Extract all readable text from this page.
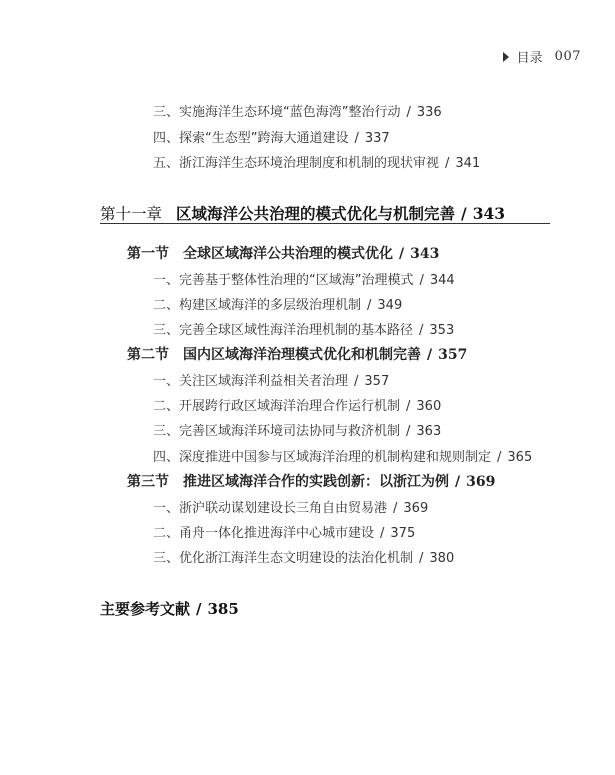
目录 007
三、实施海洋生态环境“蓝色海湾”整治行动 / 336
四、探索“生态型”跨海大通道建设 / 337
五、浙江海洋生态环境治理制度和机制的现状审视 / 341
第十一章 区域海洋公共治理的模式优化与机制完善 / 343
第一节 全球区域海洋公共治理的模式优化 / 343
一、完善基于整体性治理的“区域海”治理模式 / 344
二、构建区域海洋的多层级治理机制 / 349
三、完善全球区域性海洋治理机制的基本路径 / 353
第二节 国内区域海洋治理模式优化和机制完善 / 357
一、关注区域海洋利益相关者治理 / 357
二、开展跨行政区域海洋治理合作运行机制 / 360
三、完善区域海洋环境司法协同与救济机制 / 363
四、深度推进中国参与区域海洋治理的机制构建和规则制定 / 365
第三节 推进区域海洋合作的实践创新：以浙江为例 / 369
一、浙沪联动谋划建设长三角自由贸易港 / 369
二、甬舟一体化推进海洋中心城市建设 / 375
三、优化浙江海洋生态文明建设的法治化机制 / 380
主要参考文献 / 385
